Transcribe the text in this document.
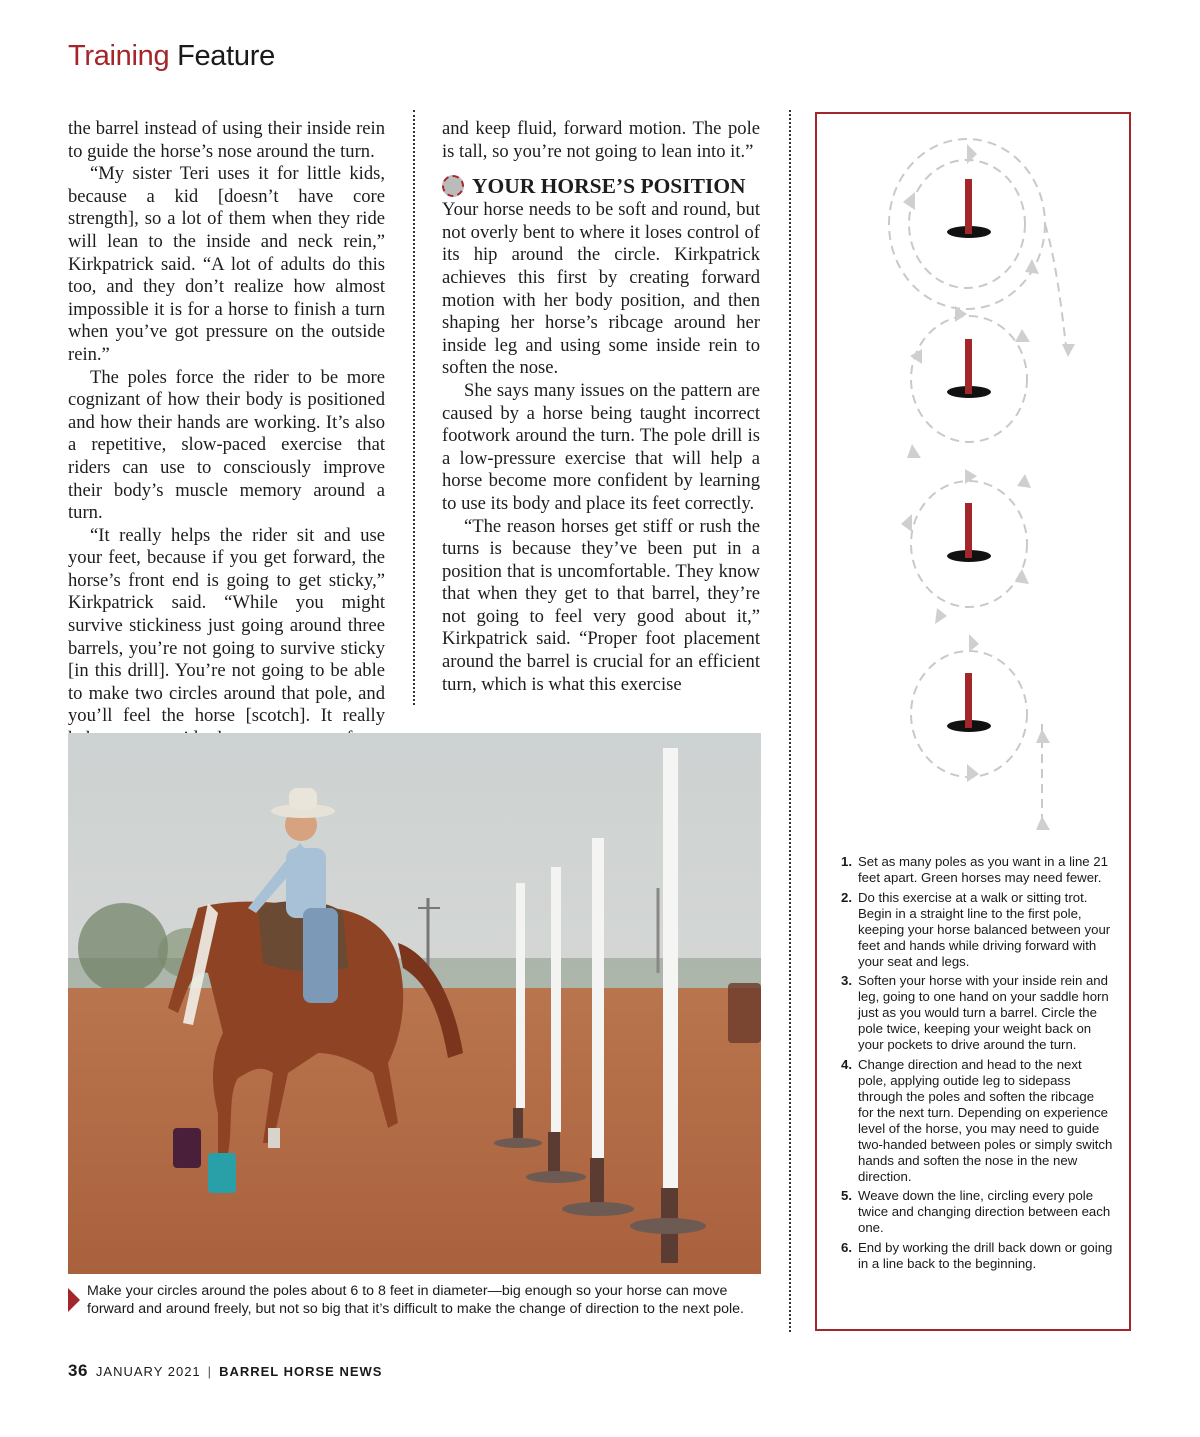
Training Feature

the barrel instead of using their inside rein to guide the horse’s nose around the turn.

“My sister Teri uses it for little kids, because a kid [doesn’t have core strength], so a lot of them when they ride will lean to the inside and neck rein,” Kirkpatrick said. “A lot of adults do this too, and they don’t realize how almost impossible it is for a horse to finish a turn when you’ve got pressure on the outside rein.”

The poles force the rider to be more cognizant of how their body is positioned and how their hands are working. It’s also a repetitive, slow-paced exercise that riders can use to consciously improve their body’s muscle memory around a turn.

“It really helps the rider sit and use your feet, because if you get forward, the horse’s front end is going to get sticky,” Kirkpatrick said. “While you might survive stickiness just going around three barrels, you’re not going to survive sticky [in this drill]. You’re not going to be able to make two circles around that pole, and you’ll feel the horse [scotch]. It really

and keep fluid, forward motion. The pole is tall, so you’re not going to lean into it.”

YOUR HORSE’S POSITION

Your horse needs to be soft and round, but not overly bent to where it loses control of its hip around the circle. Kirkpatrick achieves this first by creating forward motion with her body position, and then shaping her horse’s ribcage around her inside leg and using some inside rein to soften the nose.

She says many issues on the pattern are caused by a horse being taught incorrect footwork around the turn. The pole drill is a low-pressure exercise that will help a horse become more confident by learning to use its body and place its feet correctly.

“The reason horses get stiff or rush the turns is because they’ve been put in a position that is uncomfortable. They know that when they get to that barrel, they’re not going to feel very good about it,” Kirkpatrick said. “Proper foot placement around the barrel is crucial for an efficient turn, which is what this exercise

Make your circles around the poles about 6 to 8 feet in diameter—big enough so your horse can move forward and around freely, but not so big that it’s difficult to make the change of direction to the next pole.
1. Set as many poles as you want in a line 21 feet apart. Green horses may need fewer.
2. Do this exercise at a walk or sitting trot. Begin in a straight line to the first pole, keeping your horse balanced between your feet and hands while driving forward with your seat and legs.
3. Soften your horse with your inside rein and leg, going to one hand on your saddle horn just as you would turn a barrel. Circle the pole twice, keeping your weight back on your pockets to drive around the turn.
4. Change direction and head to the next pole, applying outide leg to sidepass through the poles and soften the ribcage for the next turn. Depending on experience level of the horse, you may need to guide two-handed between poles or simply switch hands and soften the nose in the new direction.
5. Weave down the line, circling every pole twice and changing direction between each one.
6. End by working the drill back down or going in a line back to the beginning.
36 JANUARY 2021 | BARREL HORSE NEWS
